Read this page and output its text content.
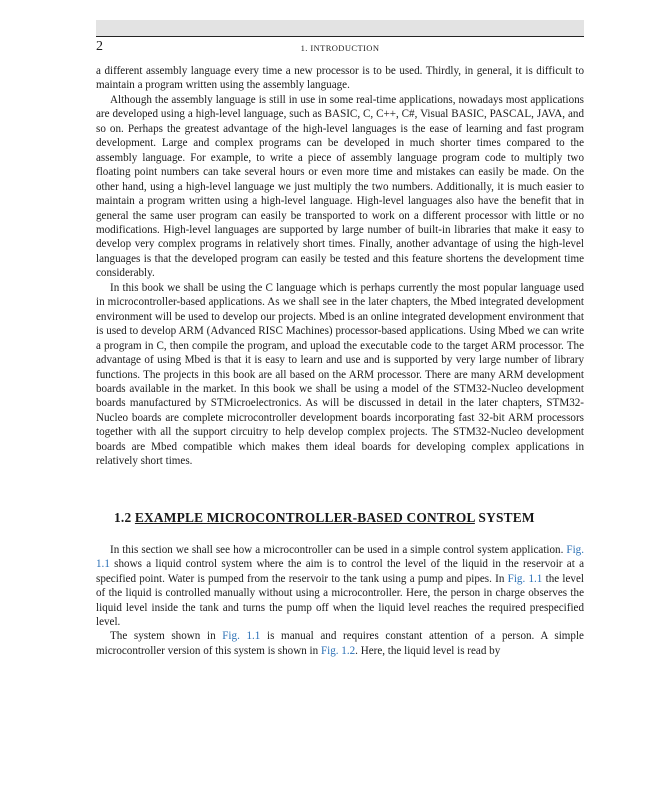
2	1. INTRODUCTION

a different assembly language every time a new processor is to be used. Thirdly, in general, it is difficult to maintain a program written using the assembly language.

Although the assembly language is still in use in some real-time applications, nowadays most applications are developed using a high-level language, such as BASIC, C, C++, C#, Visual BASIC, PASCAL, JAVA, and so on. Perhaps the greatest advantage of the high-level languages is the ease of learning and fast program development. Large and complex programs can be developed in much shorter times compared to the assembly language. For example, to write a piece of assembly language program code to multiply two floating point numbers can take several hours or even more time and mistakes can easily be made. On the other hand, using a high-level language we just multiply the two numbers. Additionally, it is much easier to maintain a program written using a high-level language. High-level languages also have the benefit that in general the same user program can easily be transported to work on a different processor with little or no modifications. High-level languages are supported by large number of built-in libraries that make it easy to develop very complex programs in relatively short times. Finally, another advantage of using the high-level languages is that the developed program can easily be tested and this feature shortens the development time considerably.

In this book we shall be using the C language which is perhaps currently the most popular language used in microcontroller-based applications. As we shall see in the later chapters, the Mbed integrated development environment will be used to develop our projects. Mbed is an online integrated development environment that is used to develop ARM (Advanced RISC Machines) processor-based applications. Using Mbed we can write a program in C, then compile the program, and upload the executable code to the target ARM processor. The advantage of using Mbed is that it is easy to learn and use and is supported by very large number of library functions. The projects in this book are all based on the ARM processor. There are many ARM development boards available in the market. In this book we shall be using a model of the STM32-Nucleo development boards manufactured by STMicroelectronics. As will be discussed in detail in the later chapters, STM32-Nucleo boards are complete microcontroller development boards incorporating fast 32-bit ARM processors together with all the support circuitry to help develop complex projects. The STM32-Nucleo development boards are Mbed compatible which makes them ideal boards for developing complex applications in relatively short times.

1.2 EXAMPLE MICROCONTROLLER-BASED CONTROL SYSTEM

In this section we shall see how a microcontroller can be used in a simple control system application. Fig. 1.1 shows a liquid control system where the aim is to control the level of the liquid in the reservoir at a specified point. Water is pumped from the reservoir to the tank using a pump and pipes. In Fig. 1.1 the level of the liquid is controlled manually without using a microcontroller. Here, the person in charge observes the liquid level inside the tank and turns the pump off when the liquid level reaches the required prespecified level.

The system shown in Fig. 1.1 is manual and requires constant attention of a person. A simple microcontroller version of this system is shown in Fig. 1.2. Here, the liquid level is read by
